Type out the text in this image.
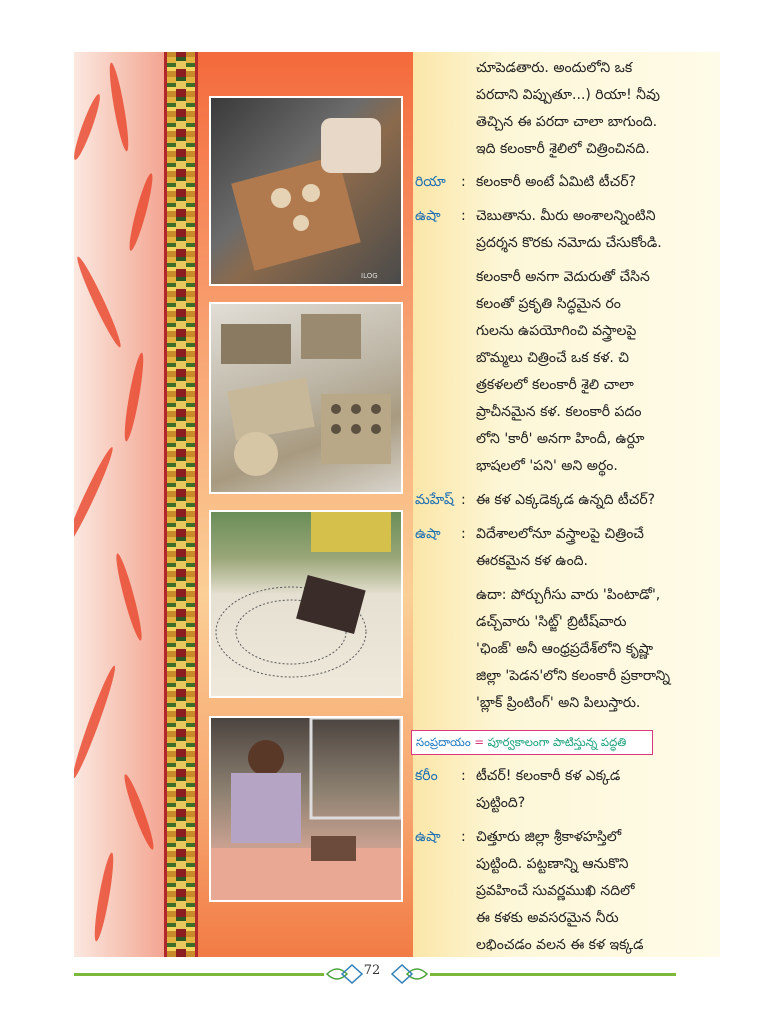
ILOG
చూపెడతారు. అందులోని ఒక
పరదాని విప్పుతూ...) రియా! నీవు
తెచ్చిన ఈ పరదా చాలా బాగుంది.
ఇది కలంకారీ శైలిలో చిత్రించినది.
రియా : కలంకారీ అంటే ఏమిటి టీచర్?
ఉషా : చెబుతాను. మీరు అంశాలన్నింటిని
ప్రదర్శన కొరకు నమోదు చేసుకోండి.
కలంకారీ అనగా వెదురుతో చేసిన
కలంతో ప్రకృతి సిద్ధమైన రం
గులను ఉపయోగించి వస్త్రాలపై
బొమ్మలు చిత్రించే ఒక కళ. చి
త్రకళలలో కలంకారీ శైలి చాలా
ప్రాచీనమైన కళ. కలంకారీ పదం
లోని 'కారీ' అనగా హిందీ, ఉర్దూ
భాషలలో 'పని' అని అర్థం.
మహేష్ : ఈ కళ ఎక్కడెక్కడ ఉన్నది టీచర్?
ఉషా : విదేశాలలోనూ వస్త్రాలపై చిత్రించే
ఈరకమైన కళ ఉంది.
ఉదా: పోర్చుగీసు వారు 'పింటాడో',
డచ్చ్‌వారు 'సిట్జ్' బ్రిటీష్‌వారు
'ఛింజ్' అనీ ఆంధ్రప్రదేశ్‌లోని కృష్ణా
జిల్లా 'పెడన'లోని కలంకారీ ప్రకారాన్ని
'బ్లాక్ ప్రింటింగ్' అని పిలుస్తారు.
సంప్రదాయం = పూర్వకాలంగా పాటిస్తున్న పద్ధతి
కరీం : టీచర్! కలంకారీ కళ ఎక్కడ
పుట్టింది?
ఉషా : చిత్తూరు జిల్లా శ్రీకాళహస్తిలో
పుట్టింది. పట్టణాన్ని ఆనుకొని
ప్రవహించే సువర్ణముఖి నదిలో
ఈ కళకు అవసరమైన నీరు
లభించడం వలన ఈ కళ ఇక్కడ
72
